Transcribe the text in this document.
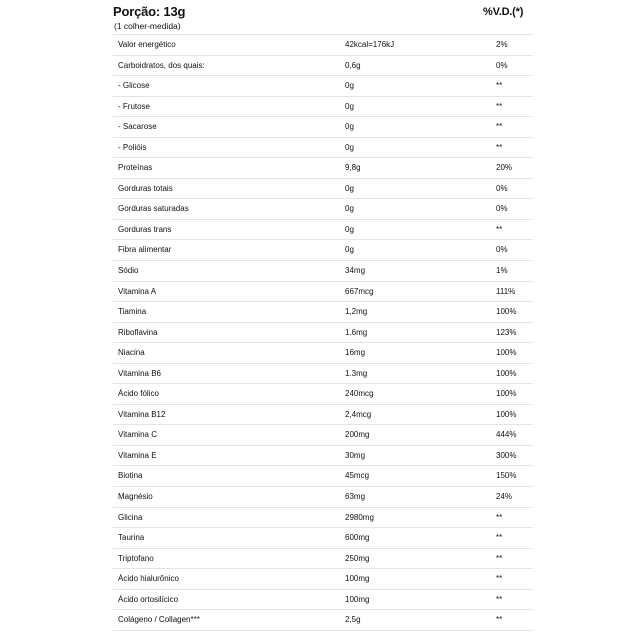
Porção: 13g
(1 colher-medida)
%V.D.(*)
Valor energético	42kcal=176kJ	2%
Carboidratos, dos quais:	0,6g	0%
- Glicose	0g	**
- Frutose	0g	**
- Sacarose	0g	**
- Polióis	0g	**
Proteínas	9,8g	20%
Gorduras totais	0g	0%
Gorduras saturadas	0g	0%
Gorduras trans	0g	**
Fibra alimentar	0g	0%
Sódio	34mg	1%
Vitamina A	667mcg	111%
Tiamina	1,2mg	100%
Riboflavina	1.6mg	123%
Niacina	16mg	100%
Vitamina B6	1.3mg	100%
Ácido fólico	240mcg	100%
Vitamina B12	2,4mcg	100%
Vitamina C	200mg	444%
Vitamina E	30mg	300%
Biotina	45mcg	150%
Magnésio	63mg	24%
Glicina	2980mg	**
Taurina	600mg	**
Triptofano	250mg	**
Ácido hialurônico	100mg	**
Ácido ortosilícico	100mg	**
Colágeno / Collagen***	2,5g	**
